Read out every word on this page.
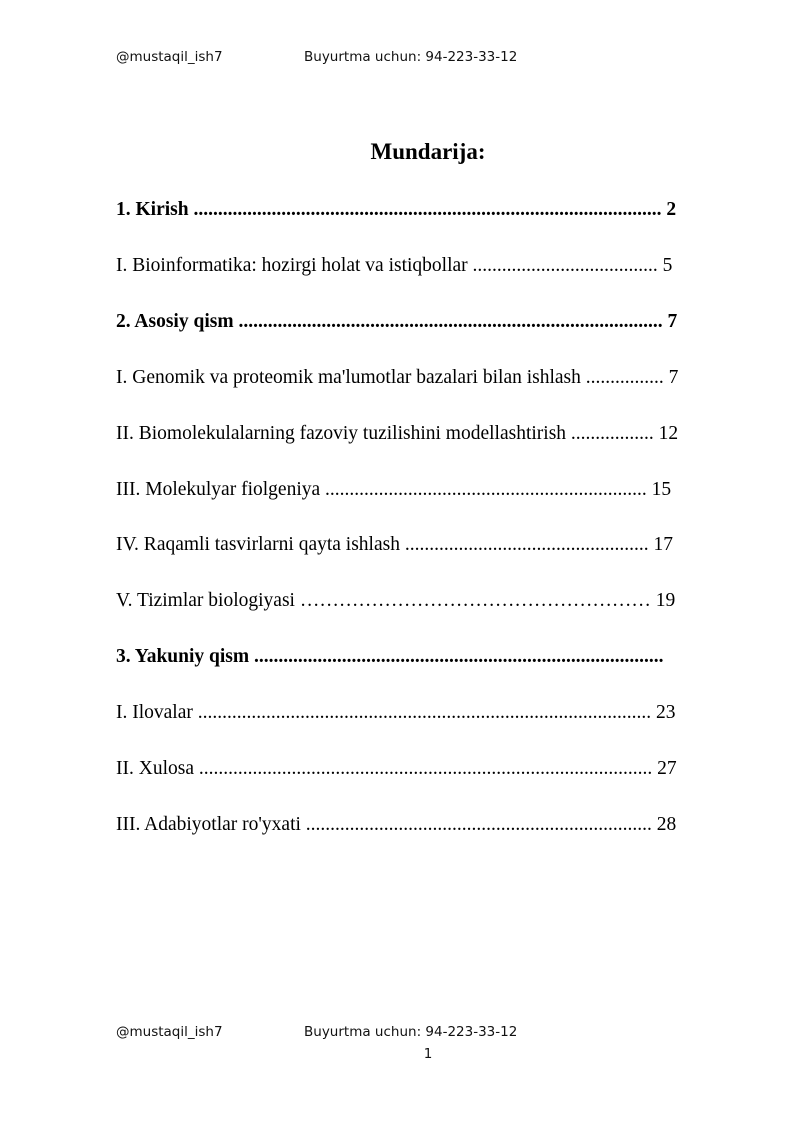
@mustaqil_ish7	Buyurtma uchun: 94-223-33-12
Mundarija:
1. Kirish ................................................................................................ 2
I. Bioinformatika: hozirgi holat va istiqbollar ...................................... 5
2. Asosiy qism ....................................................................................... 7
I. Genomik va proteomik ma'lumotlar bazalari bilan ishlash ................ 7
II. Biomolekulalarning fazoviy tuzilishini modellashtirish ................. 12
III. Molekulyar fiolgeniya .................................................................. 15
IV. Raqamli tasvirlarni qayta ishlash .................................................. 17
V. Tizimlar biologiyasi ……………………………………………… 19
3. Yakuniy qism ....................................................................................
I. Ilovalar ............................................................................................. 23
II. Xulosa ............................................................................................. 27
III. Adabiyotlar ro'yxati ....................................................................... 28
@mustaqil_ish7	Buyurtma uchun: 94-223-33-12
1
